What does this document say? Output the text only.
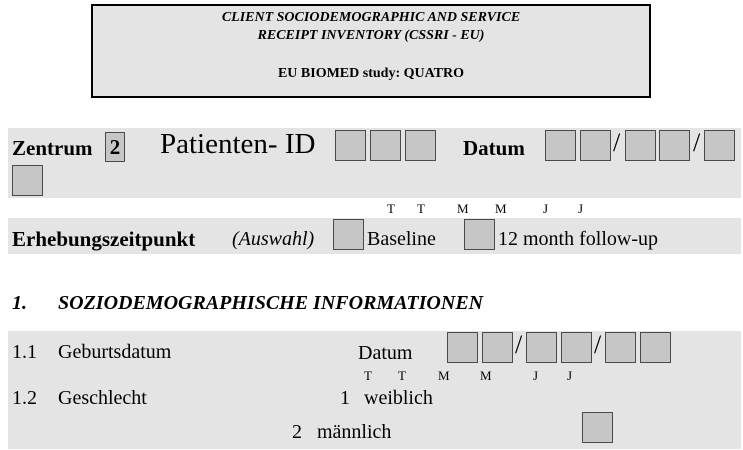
CLIENT SOCIODEMOGRAPHIC AND SERVICE
RECEIPT INVENTORY (CSSRI - EU)
EU BIOMED study: QUATRO
Zentrum 2 Patienten- ID	Datum	/	/
T T M M	J J
Erhebungszeitpunkt (Auswahl)	Baseline	12 month follow-up
1. SOZIODEMOGRAPHISCHE INFORMATIONEN
1.1 Geburtsdatum	Datum	/	/
T T M M	J J
1.2 Geschlecht	1 weiblich
2 männlich
